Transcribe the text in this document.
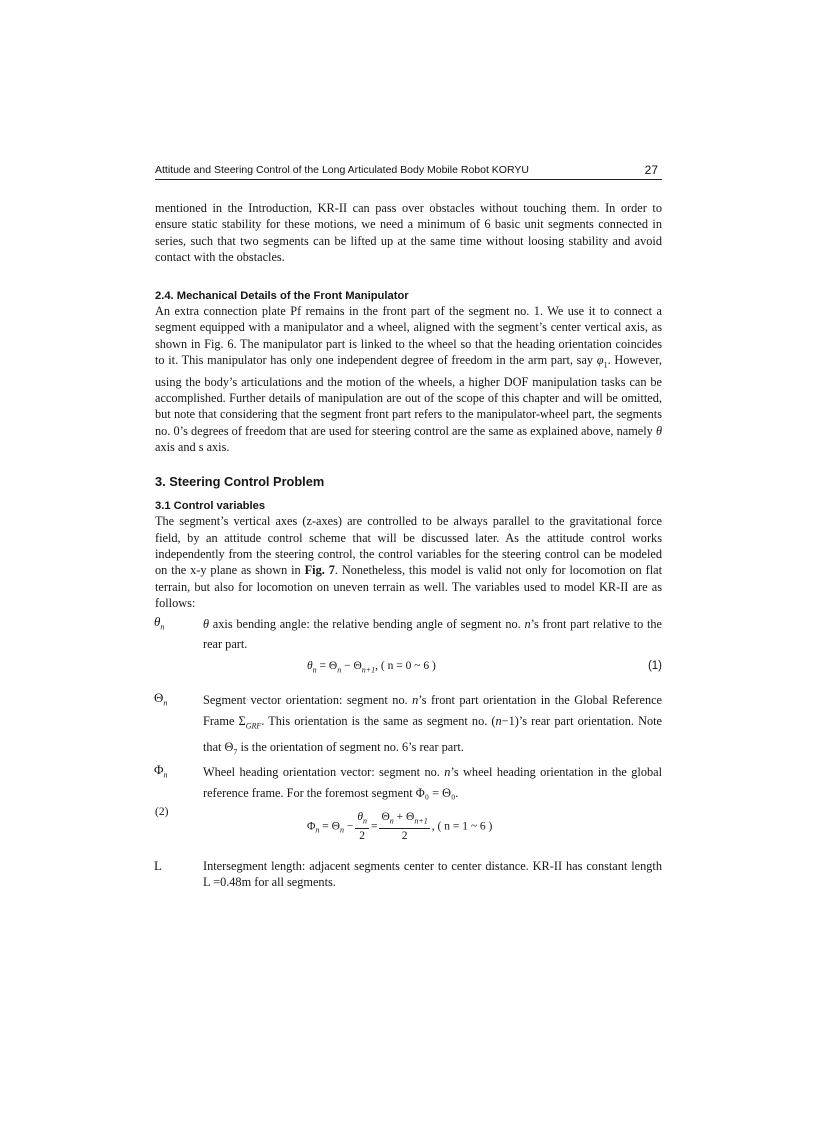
Attitude and Steering Control of the Long Articulated Body Mobile Robot KORYU	27

mentioned in the Introduction, KR-II can pass over obstacles without touching them. In order to ensure static stability for these motions, we need a minimum of 6 basic unit segments connected in series, such that two segments can be lifted up at the same time without loosing stability and avoid contact with the obstacles.

2.4. Mechanical Details of the Front Manipulator

An extra connection plate Pf remains in the front part of the segment no. 1. We use it to connect a segment equipped with a manipulator and a wheel, aligned with the segment’s center vertical axis, as shown in Fig. 6. The manipulator part is linked to the wheel so that the heading orientation coincides to it. This manipulator has only one independent degree of freedom in the arm part, say $\varphi_1$. However, using the body’s articulations and the motion of the wheels, a higher DOF manipulation tasks can be accomplished. Further details of manipulation are out of the scope of this chapter and will be omitted, but note that considering that the segment front part refers to the manipulator-wheel part, the segments no. 0’s degrees of freedom that are used for steering control are the same as explained above, namely θ axis and s axis.

3. Steering Control Problem
3.1 Control variables

The segment’s vertical axes (z-axes) are controlled to be always parallel to the gravitational force field, by an attitude control scheme that will be discussed later. As the attitude control works independently from the steering control, the control variables for the steering control can be modeled on the x-y plane as shown in Fig. 7. Nonetheless, this model is valid not only for locomotion on flat terrain, but also for locomotion on uneven terrain as well. The variables used to model KR-II are as follows:

$\theta_n$	θ axis bending angle: the relative bending angle of segment no. n’s front part relative to the rear part.
$\theta_n = \Theta_n - \Theta_{n+1}$, ( n = 0 ~ 6 )	(1)
$\Theta_n$	Segment vector orientation: segment no. n’s front part orientation in the Global Reference Frame $\Sigma_{GRF}$. This orientation is the same as segment no. (n−1)’s rear part orientation. Note that $\Theta_7$ is the orientation of segment no. 6’s rear part.
$\Phi_n$	Wheel heading orientation vector: segment no. n’s wheel heading orientation in the global reference frame. For the foremost segment Φ₀ = Θ₀.
$\Phi_n = \Theta_n - \frac{\theta_n}{2} = \frac{\Theta_n + \Theta_{n+1}}{2}$ , ( n = 1 ~ 6 )
(2)
L	Intersegment length: adjacent segments center to center distance. KR-II has constant length L =0.48m for all segments.
